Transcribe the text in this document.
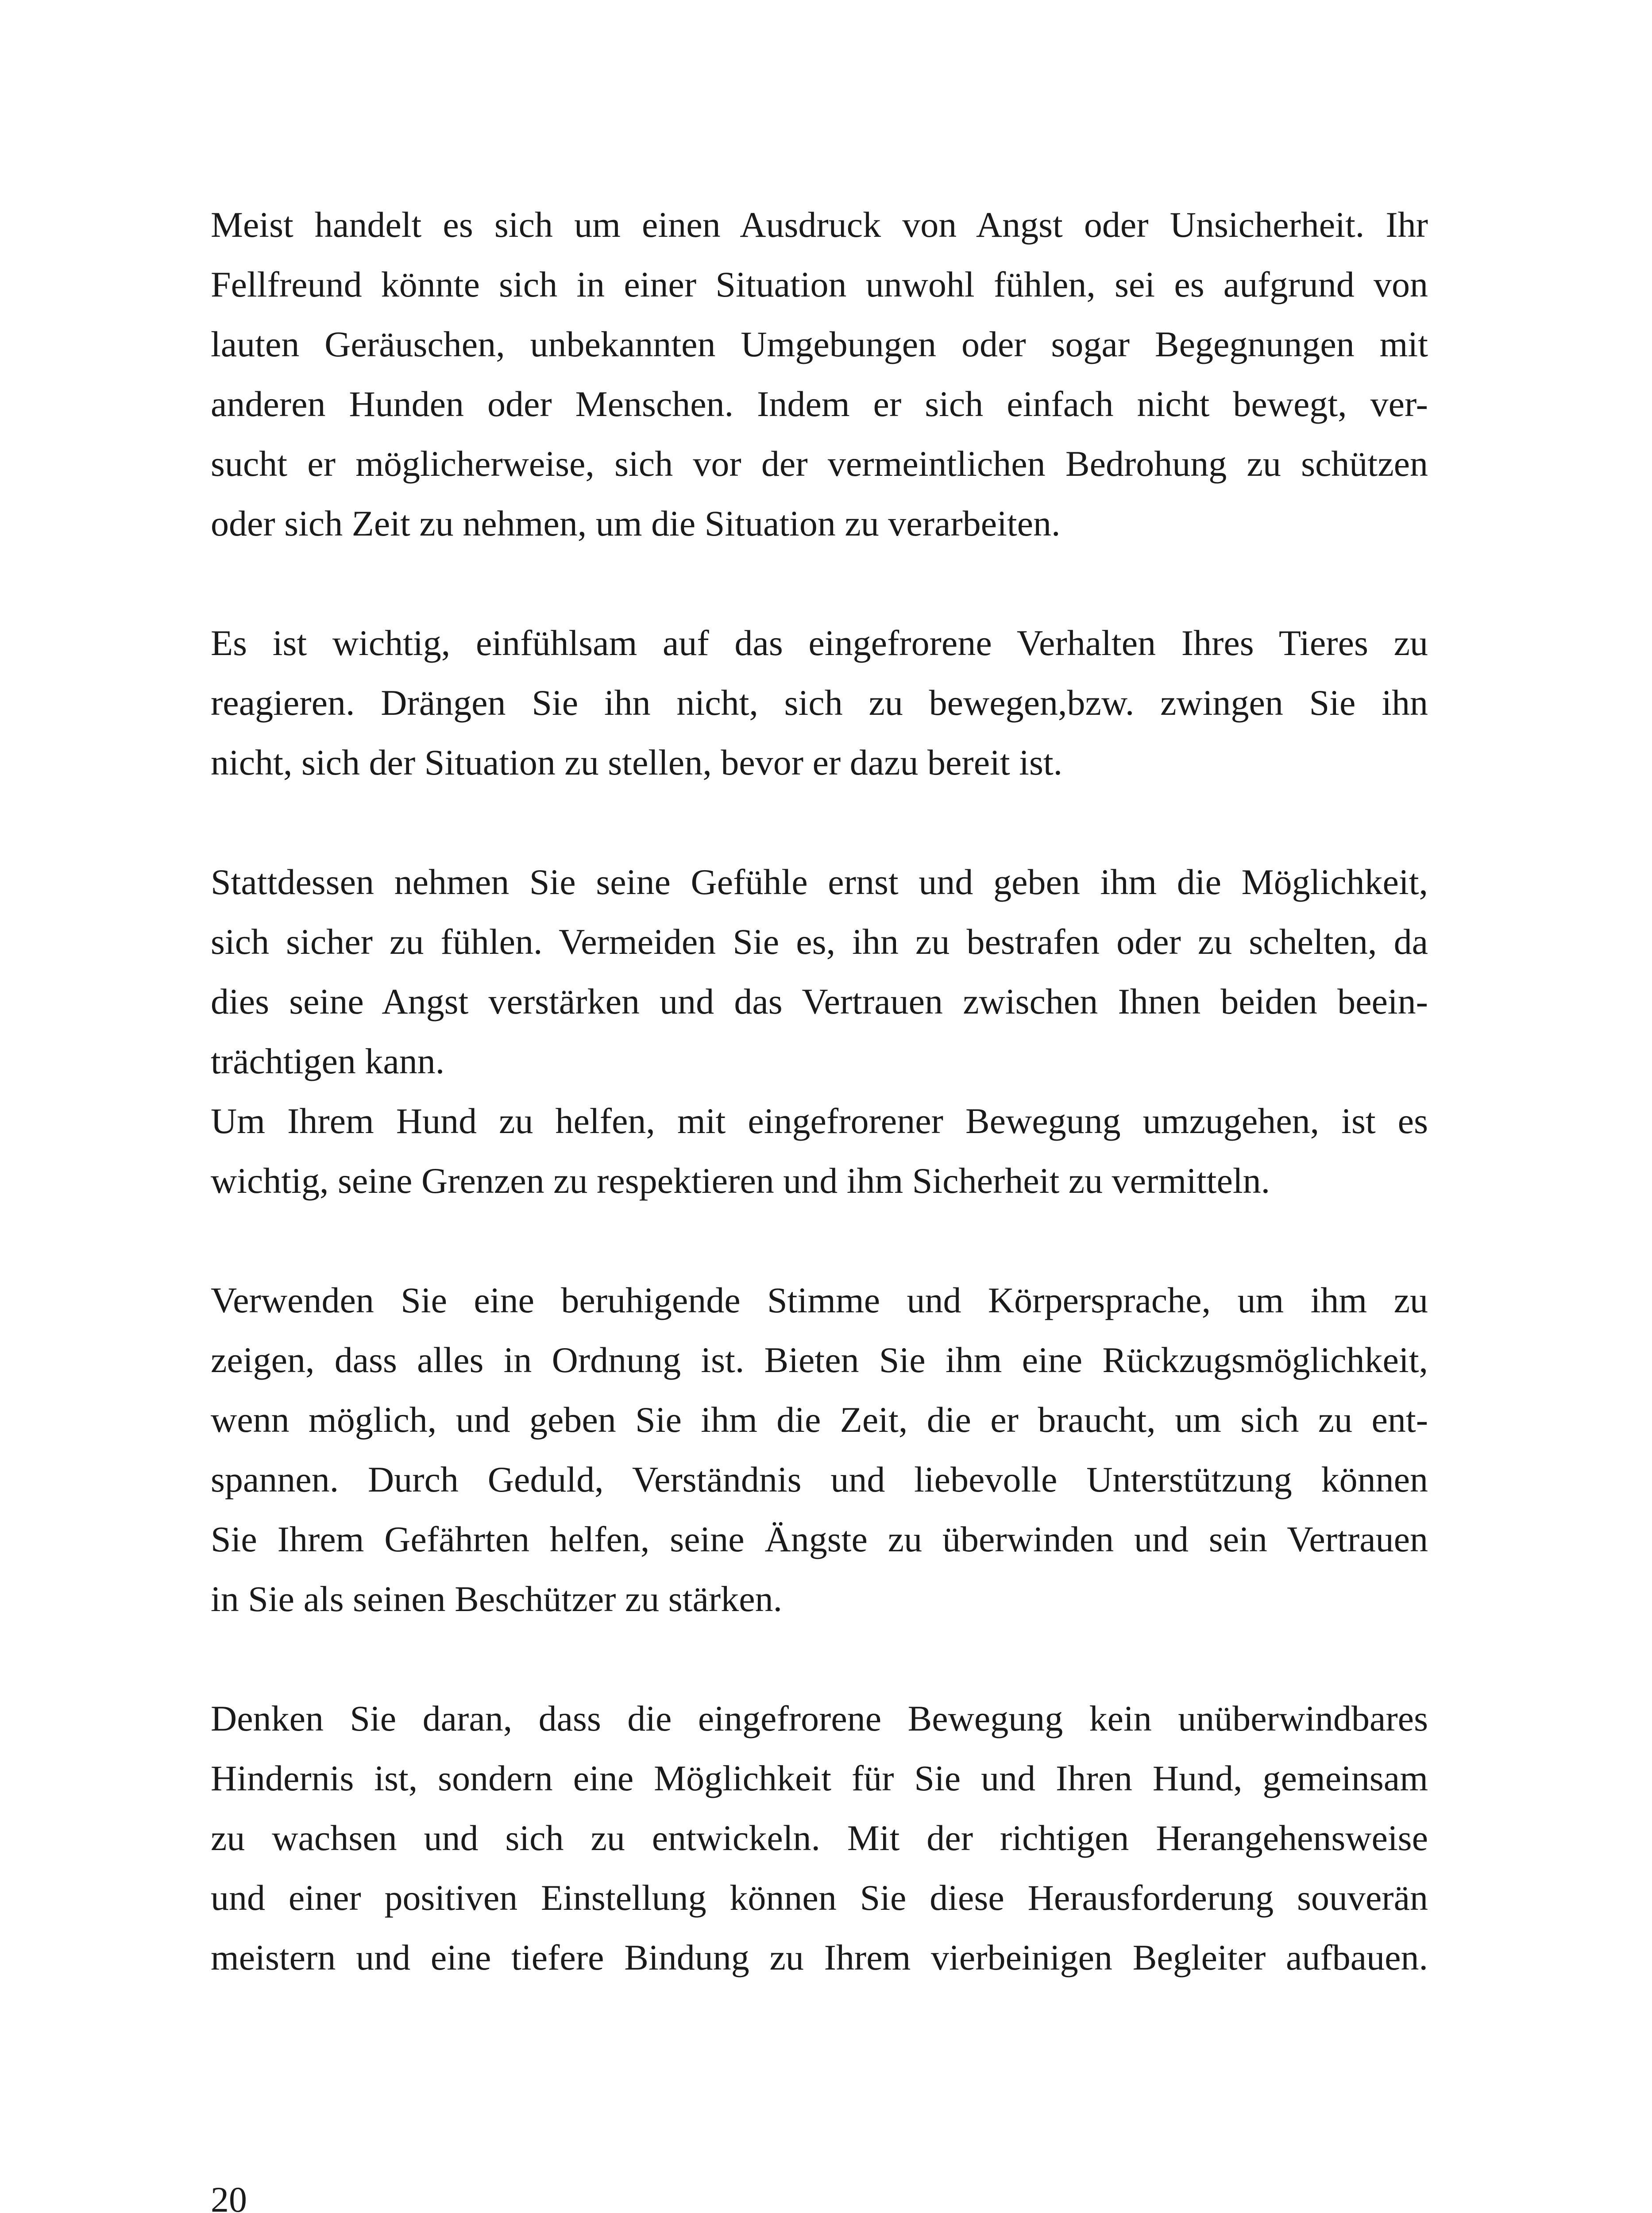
Meist handelt es sich um einen Ausdruck von Angst oder Unsicherheit. Ihr
Fellfreund könnte sich in einer Situation unwohl fühlen, sei es aufgrund von
lauten Geräuschen, unbekannten Umgebungen oder sogar Begegnungen mit
anderen Hunden oder Menschen. Indem er sich einfach nicht bewegt, ver-
sucht er möglicherweise, sich vor der vermeintlichen Bedrohung zu schützen
oder sich Zeit zu nehmen, um die Situation zu verarbeiten.
Es ist wichtig, einfühlsam auf das eingefrorene Verhalten Ihres Tieres zu
reagieren. Drängen Sie ihn nicht, sich zu bewegen,bzw. zwingen Sie ihn
nicht, sich der Situation zu stellen, bevor er dazu bereit ist.
Stattdessen nehmen Sie seine Gefühle ernst und geben ihm die Möglichkeit,
sich sicher zu fühlen. Vermeiden Sie es, ihn zu bestrafen oder zu schelten, da
dies seine Angst verstärken und das Vertrauen zwischen Ihnen beiden beein-
trächtigen kann.
Um Ihrem Hund zu helfen, mit eingefrorener Bewegung umzugehen, ist es
wichtig, seine Grenzen zu respektieren und ihm Sicherheit zu vermitteln.
Verwenden Sie eine beruhigende Stimme und Körpersprache, um ihm zu
zeigen, dass alles in Ordnung ist. Bieten Sie ihm eine Rückzugsmöglichkeit,
wenn möglich, und geben Sie ihm die Zeit, die er braucht, um sich zu ent-
spannen. Durch Geduld, Verständnis und liebevolle Unterstützung können
Sie Ihrem Gefährten helfen, seine Ängste zu überwinden und sein Vertrauen
in Sie als seinen Beschützer zu stärken.
Denken Sie daran, dass die eingefrorene Bewegung kein unüberwindbares
Hindernis ist, sondern eine Möglichkeit für Sie und Ihren Hund, gemeinsam
zu wachsen und sich zu entwickeln. Mit der richtigen Herangehensweise
und einer positiven Einstellung können Sie diese Herausforderung souverän
meistern und eine tiefere Bindung zu Ihrem vierbeinigen Begleiter aufbauen.
20
